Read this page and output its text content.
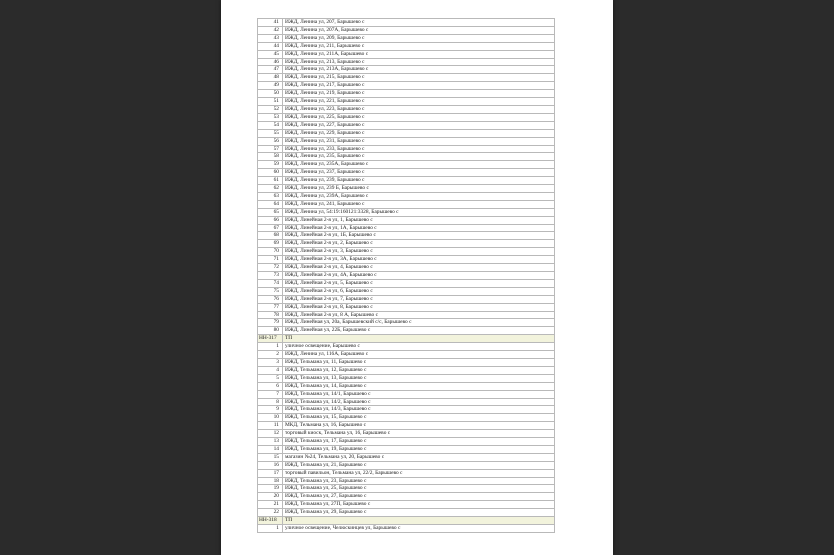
41	ИЖД, Ленина ул, 207, Барышево с
42	ИЖД, Ленина ул, 207А, Барышево с
43	ИЖД, Ленина ул, 209, Барышево с
44	ИЖД, Ленина ул, 211, Барышево с
45	ИЖД, Ленина ул, 211А, Барышево с
46	ИЖД, Ленина ул, 213, Барышево с
47	ИЖД, Ленина ул, 213А, Барышево с
48	ИЖД, Ленина ул, 215, Барышево с
49	ИЖД, Ленина ул, 217, Барышево с
50	ИЖД, Ленина ул, 219, Барышево с
51	ИЖД, Ленина ул, 221, Барышево с
52	ИЖД, Ленина ул, 223, Барышево с
53	ИЖД, Ленина ул, 225, Барышево с
54	ИЖД, Ленина ул, 227, Барышево с
55	ИЖД, Ленина ул, 229, Барышево с
56	ИЖД, Ленина ул, 231, Барышево с
57	ИЖД, Ленина ул, 233, Барышево с
58	ИЖД, Ленина ул, 235, Барышево с
59	ИЖД, Ленина ул, 235А, Барышево с
60	ИЖД, Ленина ул, 237, Барышево с
61	ИЖД, Ленина ул, 239, Барышево с
62	ИЖД, Ленина ул, 239 Б, Барышево с
63	ИЖД, Ленина ул, 239А, Барышево с
64	ИЖД, Ленина ул, 241, Барышево с
65	ИЖД, Ленина ул, 54:19:160121:3328, Барышево с
66	ИЖД, Линейная 2-я ул, 1, Барышево с
67	ИЖД, Линейная 2-я ул, 1А, Барышево с
68	ИЖД, Линейная 2-я ул, 1Б, Барышево с
69	ИЖД, Линейная 2-я ул, 2, Барышево с
70	ИЖД, Линейная 2-я ул, 3, Барышево с
71	ИЖД, Линейная 2-я ул, 3А, Барышево с
72	ИЖД, Линейная 2-я ул, 4, Барышево с
73	ИЖД, Линейная 2-я ул, 4А, Барышево с
74	ИЖД, Линейная 2-я ул, 5, Барышево с
75	ИЖД, Линейная 2-я ул, 6, Барышево с
76	ИЖД, Линейная 2-я ул, 7, Барышево с
77	ИЖД, Линейная 2-я ул, 8, Барышево с
78	ИЖД, Линейная 2-я ул, 8 А, Барышево с
79	ИЖД, Линейная ул, 20а, Барышевский с/с, Барышево с
80	ИЖД, Линейная ул, 22Б, Барышево с
НН-317	ТП
1	уличное освещение, Барышево с
2	ИЖД, Ленина ул, 116А, Барышево с
3	ИЖД, Тельмана ул, 11, Барышево с
4	ИЖД, Тельмана ул, 12, Барышево с
5	ИЖД, Тельмана ул, 13, Барышево с
6	ИЖД, Тельмана ул, 14, Барышево с
7	ИЖД, Тельмана ул, 14/1, Барышево с
8	ИЖД, Тельмана ул, 14/2, Барышево с
9	ИЖД, Тельмана ул, 14/3, Барышево с
10	ИЖД, Тельмана ул, 15, Барышево с
11	МКД, Тельмана ул, 16, Барышево с
12	торговый киоск, Тельмана ул, 16, Барышево с
13	ИЖД, Тельмана ул, 17, Барышево с
14	ИЖД, Тельмана ул, 19, Барышево с
15	магазин №24, Тельмана ул, 20, Барышево с
16	ИЖД, Тельмана ул, 21, Барышево с
17	торговый павильон, Тельмана ул, 22/2, Барышево с
18	ИЖД, Тельмана ул, 23, Барышево с
19	ИЖД, Тельмана ул, 25, Барышево с
20	ИЖД, Тельмана ул, 27, Барышево с
21	ИЖД, Тельмана ул, 27П, Барышево с
22	ИЖД, Тельмана ул, 29, Барышево с
НН-318	ТП
1	уличное освещение, Челюскинцев ул, Барышево с
